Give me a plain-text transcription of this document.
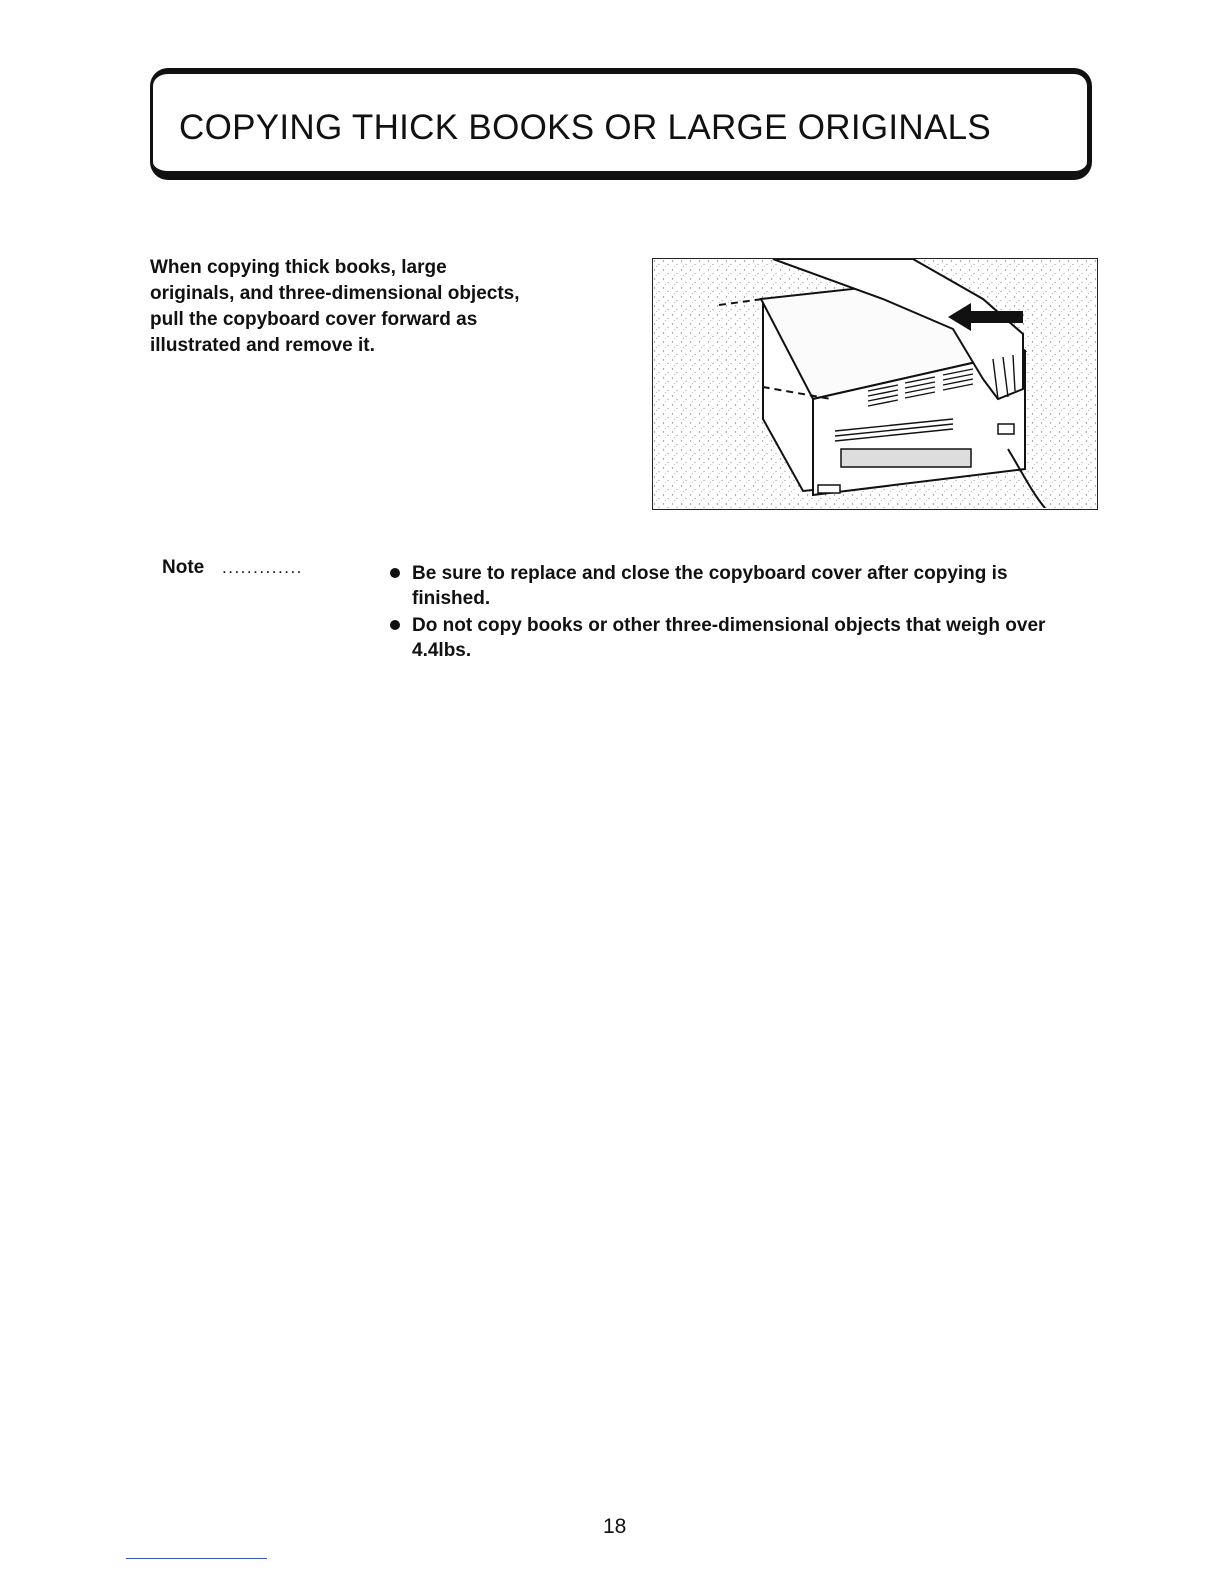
COPYING THICK BOOKS OR LARGE ORIGINALS
When copying thick books, large originals, and three-dimensional objects, pull the copyboard cover forward as illustrated and remove it.
Note .............	Be sure to replace and close the copyboard cover after copying is finished.
Do not copy books or other three-dimensional objects that weigh over 4.4lbs.
18
